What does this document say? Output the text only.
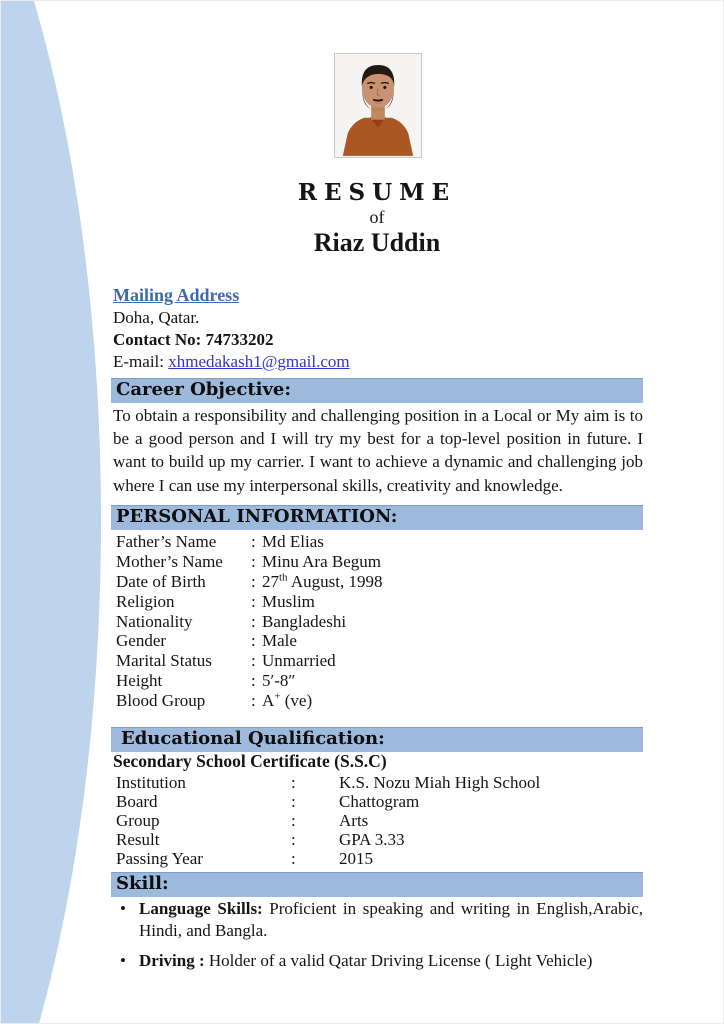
RESUME
of
Riaz Uddin
Mailing Address
Doha, Qatar.
Contact No: 74733202
E-mail: xhmedakash1@gmail.com
Career Objective:
To obtain a responsibility and challenging position in a Local or My aim is to be a good person and I will try my best for a top-level position in future. I want to build up my carrier. I want to achieve a dynamic and challenging job where I can use my interpersonal skills, creativity and knowledge.
PERSONAL INFORMATION:
Father’s Name	: Md Elias
Mother’s Name	: Minu Ara Begum
Date of Birth	: 27th August, 1998
Religion	: Muslim
Nationality	: Bangladeshi
Gender	: Male
Marital Status	: Unmarried
Height	: 5′-8″
Blood Group	: A+ (ve)
Educational Qualification:
Secondary School Certificate (S.S.C)
Institution	:	K.S. Nozu Miah High School
Board	:	Chattogram
Group	:	Arts
Result	:	GPA 3.33
Passing Year	:	2015
Skill:
• Language Skills: Proficient in speaking and writing in English,Arabic, Hindi, and Bangla.
• Driving : Holder of a valid Qatar Driving License ( Light Vehicle)
